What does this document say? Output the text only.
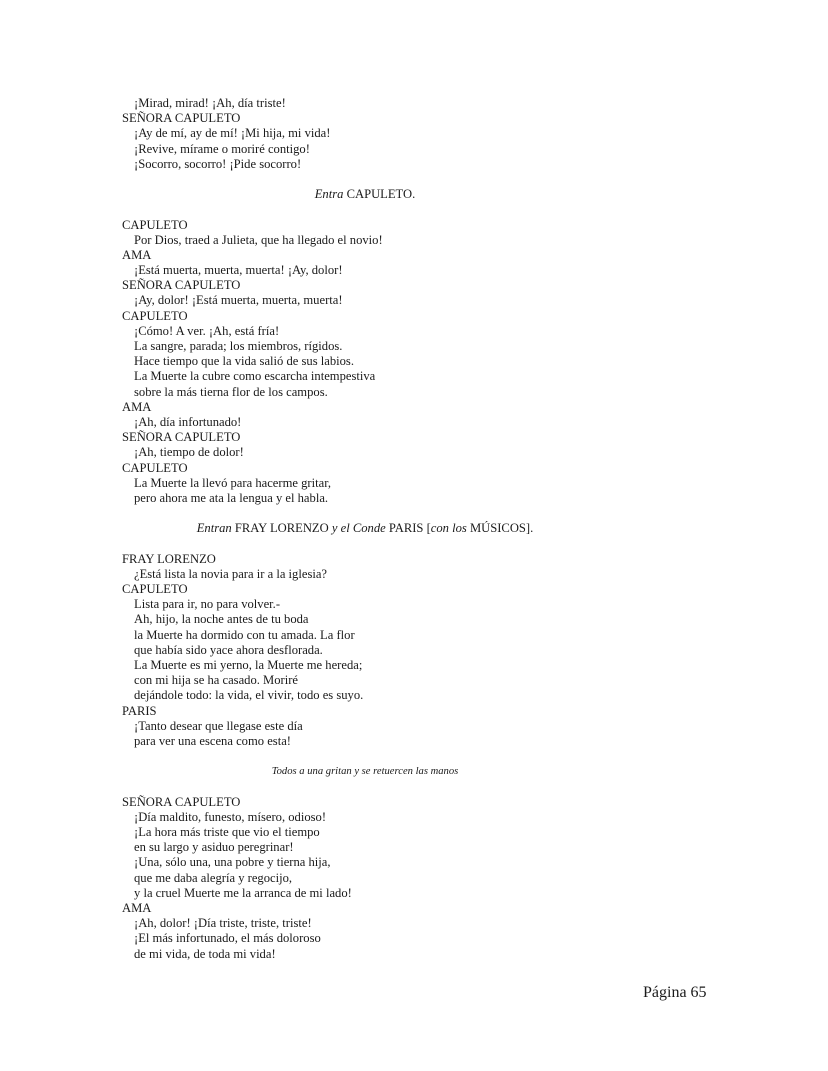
¡Mirad, mirad! ¡Ah, día triste!
SEÑORA CAPULETO
¡Ay de mí, ay de mí! ¡Mi hija, mi vida!
¡Revive, mírame o moriré contigo!
¡Socorro, socorro! ¡Pide socorro!
Entra CAPULETO.
CAPULETO
Por Dios, traed a Julieta, que ha llegado el novio!
AMA
¡Está muerta, muerta, muerta! ¡Ay, dolor!
SEÑORA CAPULETO
¡Ay, dolor! ¡Está muerta, muerta, muerta!
CAPULETO
¡Cómo! A ver. ¡Ah, está fría!
La sangre, parada; los miembros, rígidos.
Hace tiempo que la vida salió de sus labios.
La Muerte la cubre como escarcha intempestiva
sobre la más tierna flor de los campos.
AMA
¡Ah, día infortunado!
SEÑORA CAPULETO
¡Ah, tiempo de dolor!
CAPULETO
La Muerte la llevó para hacerme gritar,
pero ahora me ata la lengua y el habla.
Entran FRAY LORENZO y el Conde PARIS [con los MÚSICOS].
FRAY LORENZO
¿Está lista la novia para ir a la iglesia?
CAPULETO
Lista para ir, no para volver.-
Ah, hijo, la noche antes de tu boda
la Muerte ha dormido con tu amada. La flor
que había sido yace ahora desflorada.
La Muerte es mi yerno, la Muerte me hereda;
con mi hija se ha casado. Moriré
dejándole todo: la vida, el vivir, todo es suyo.
PARIS
¡Tanto desear que llegase este día
para ver una escena como esta!
Todos a una gritan y se retuercen las manos
SEÑORA CAPULETO
¡Día maldito, funesto, mísero, odioso!
¡La hora más triste que vio el tiempo
en su largo y asiduo peregrinar!
¡Una, sólo una, una pobre y tierna hija,
que me daba alegría y regocijo,
y la cruel Muerte me la arranca de mi lado!
AMA
¡Ah, dolor! ¡Día triste, triste, triste!
¡El más infortunado, el más doloroso
de mi vida, de toda mi vida!
Página 65
